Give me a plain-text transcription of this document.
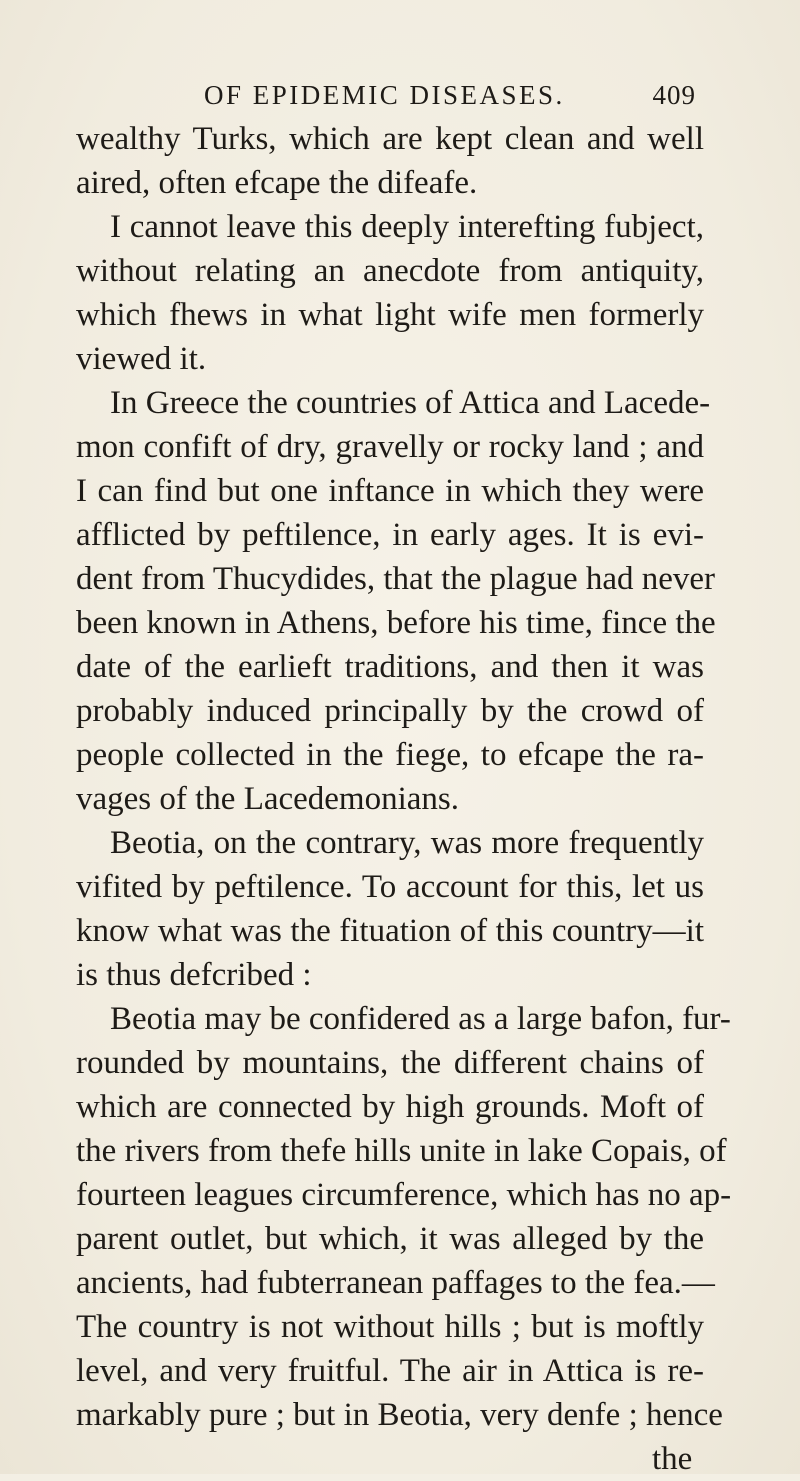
OF EPIDEMIC DISEASES.	409
wealthy Turks, which are kept clean and well
aired, often efcape the difeafe.
I cannot leave this deeply interefting fubject,
without relating an anecdote from antiquity,
which fhews in what light wife men formerly
viewed it.
In Greece the countries of Attica and Lacede-
mon confift of dry, gravelly or rocky land ; and
I can find but one inftance in which they were
afflicted by peftilence, in early ages. It is evi-
dent from Thucydides, that the plague had never
been known in Athens, before his time, fince the
date of the earlieft traditions, and then it was
probably induced principally by the crowd of
people collected in the fiege, to efcape the ra-
vages of the Lacedemonians.
Beotia, on the contrary, was more frequently
vifited by peftilence. To account for this, let us
know what was the fituation of this country—it
is thus defcribed :
Beotia may be confidered as a large bafon, fur-
rounded by mountains, the different chains of
which are connected by high grounds. Moft of
the rivers from thefe hills unite in lake Copais, of
fourteen leagues circumference, which has no ap-
parent outlet, but which, it was alleged by the
ancients, had fubterranean paffages to the fea.—
The country is not without hills ; but is moftly
level, and very fruitful. The air in Attica is re-
markably pure ; but in Beotia, very denfe ; hence
the
